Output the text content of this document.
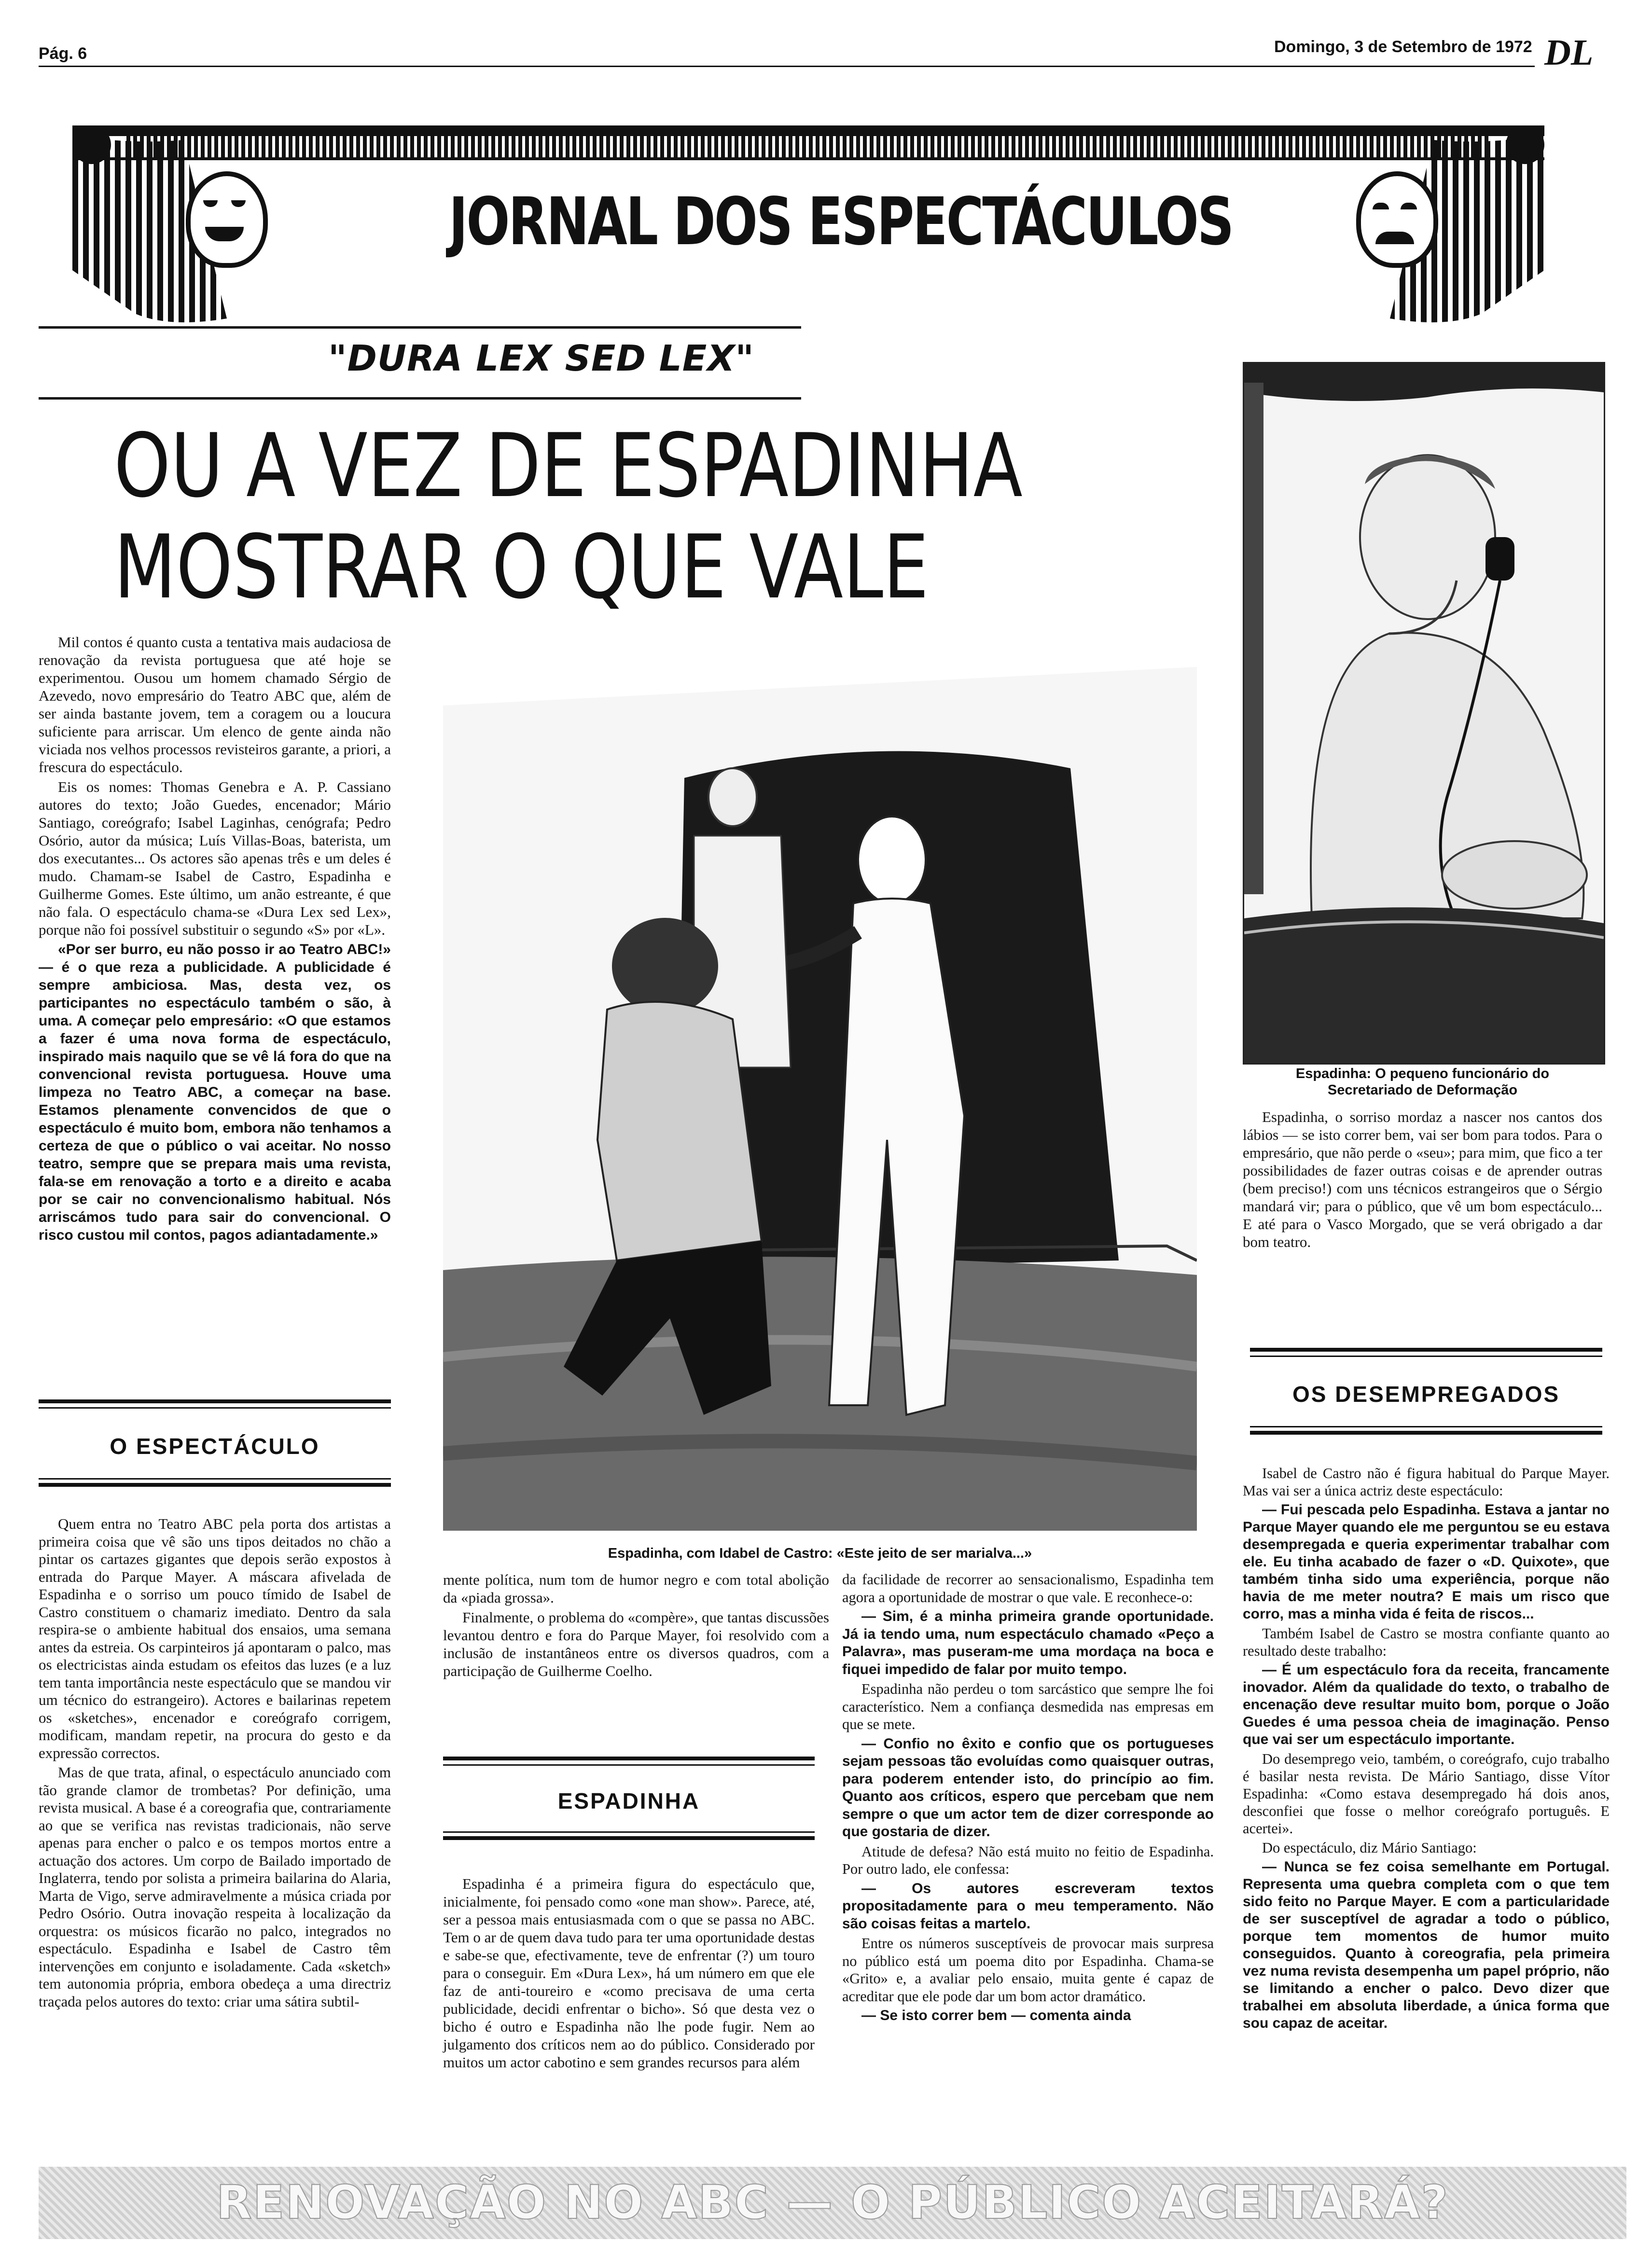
Pág. 6	Domingo, 3 de Setembro de 1972 DL
JORNAL DOS ESPECTÁCULOS
"DURA LEX SED LEX"
OU A VEZ DE ESPADINHA
MOSTRAR O QUE VALE
Espadinha: O pequeno funcionário do
Secretariado de Deformação
Espadinha, com Idabel de Castro: «Este jeito de ser marialva...»

Mil contos é quanto custa a tentativa mais audaciosa de renovação da revista portuguesa que até hoje se experimentou. Ousou um homem chamado Sérgio de Azevedo, novo empresário do Teatro ABC que, além de ser ainda bastante jovem, tem a coragem ou a loucura suficiente para arriscar. Um elenco de gente ainda não viciada nos velhos processos revisteiros garante, a priori, a frescura do espectáculo.

Eis os nomes: Thomas Genebra e A. P. Cassiano autores do texto; João Guedes, encenador; Mário Santiago, coreógrafo; Isabel Laginhas, cenógrafa; Pedro Osório, autor da música; Luís Villas-Boas, baterista, um dos executantes... Os actores são apenas três e um deles é mudo. Chamam-se Isabel de Castro, Espadinha e Guilherme Gomes. Este último, um anão estreante, é que não fala. O espectáculo chama-se «Dura Lex sed Lex», porque não foi possível substituir o segundo «S» por «L».

«Por ser burro, eu não posso ir ao Teatro ABC!» — é o que reza a publicidade. A publicidade é sempre ambiciosa. Mas, desta vez, os participantes no espectáculo também o são, à uma. A começar pelo empresário: «O que estamos a fazer é uma nova forma de espectáculo, inspirado mais naquilo que se vê lá fora do que na convencional revista portuguesa. Houve uma limpeza no Teatro ABC, a começar na base. Estamos plenamente convencidos de que o espectáculo é muito bom, embora não tenhamos a certeza de que o público o vai aceitar. No nosso teatro, sempre que se prepara mais uma revista, fala-se em renovação a torto e a direito e acaba por se cair no convencionalismo habitual. Nós arriscámos tudo para sair do convencional. O risco custou mil contos, pagos adiantadamente.»

O ESPECTÁCULO

Quem entra no Teatro ABC pela porta dos artistas a primeira coisa que vê são uns tipos deitados no chão a pintar os cartazes gigantes que depois serão expostos à entrada do Parque Mayer. A máscara afivelada de Espadinha e o sorriso um pouco tímido de Isabel de Castro constituem o chamariz imediato. Dentro da sala respira-se o ambiente habitual dos ensaios, uma semana antes da estreia. Os carpinteiros já apontaram o palco, mas os electricistas ainda estudam os efeitos das luzes (e a luz tem tanta importância neste espectáculo que se mandou vir um técnico do estrangeiro). Actores e bailarinas repetem os «sketches», encenador e coreógrafo corrigem, modificam, mandam repetir, na procura do gesto e da expressão correctos.

Mas de que trata, afinal, o espectáculo anunciado com tão grande clamor de trombetas? Por definição, uma revista musical. A base é a coreografia que, contrariamente ao que se verifica nas revistas tradicionais, não serve apenas para encher o palco e os tempos mortos entre a actuação dos actores. Um corpo de Bailado importado de Inglaterra, tendo por solista a primeira bailarina do Alaria, Marta de Vigo, serve admiravelmente a música criada por Pedro Osório. Outra inovação respeita à localização da orquestra: os músicos ficarão no palco, integrados no espectáculo. Espadinha e Isabel de Castro têm intervenções em conjunto e isoladamente. Cada «sketch» tem autonomia própria, embora obedeça a uma directriz traçada pelos autores do texto: criar uma sátira subtil-

mente política, num tom de humor negro e com total abolição da «piada grossa».

Finalmente, o problema do «compère», que tantas discussões levantou dentro e fora do Parque Mayer, foi resolvido com a inclusão de instantâneos entre os diversos quadros, com a participação de Guilherme Coelho.

ESPADINHA

Espadinha é a primeira figura do espectáculo que, inicialmente, foi pensado como «one man show». Parece, até, ser a pessoa mais entusiasmada com o que se passa no ABC. Tem o ar de quem dava tudo para ter uma oportunidade destas e sabe-se que, efectivamente, teve de enfrentar (?) um touro para o conseguir. Em «Dura Lex», há um número em que ele faz de anti-toureiro e «como precisava de uma certa publicidade, decidi enfrentar o bicho». Só que desta vez o bicho é outro e Espadinha não lhe pode fugir. Nem ao julgamento dos críticos nem ao do público. Considerado por muitos um actor cabotino e sem grandes recursos para além

da facilidade de recorrer ao sensacionalismo, Espadinha tem agora a oportunidade de mostrar o que vale. E reconhece-o:

— Sim, é a minha primeira grande oportunidade. Já ia tendo uma, num espectáculo chamado «Peço a Palavra», mas puseram-me uma mordaça na boca e fiquei impedido de falar por muito tempo.

Espadinha não perdeu o tom sarcástico que sempre lhe foi característico. Nem a confiança desmedida nas empresas em que se mete.

— Confio no êxito e confio que os portugueses sejam pessoas tão evoluídas como quaisquer outras, para poderem entender isto, do princípio ao fim. Quanto aos críticos, espero que percebam que nem sempre o que um actor tem de dizer corresponde ao que gostaria de dizer.

Atitude de defesa? Não está muito no feitio de Espadinha. Por outro lado, ele confessa:

— Os autores escreveram textos propositadamente para o meu temperamento. Não são coisas feitas a martelo.

Entre os números susceptíveis de provocar mais surpresa no público está um poema dito por Espadinha. Chama-se «Grito» e, a avaliar pelo ensaio, muita gente é capaz de acreditar que ele pode dar um bom actor dramático.

— Se isto correr bem — comenta ainda

Espadinha, o sorriso mordaz a nascer nos cantos dos lábios — se isto correr bem, vai ser bom para todos. Para o empresário, que não perde o «seu»; para mim, que fico a ter possibilidades de fazer outras coisas e de aprender outras (bem preciso!) com uns técnicos estrangeiros que o Sérgio mandará vir; para o público, que vê um bom espectáculo... E até para o Vasco Morgado, que se verá obrigado a dar bom teatro.

OS DESEMPREGADOS

Isabel de Castro não é figura habitual do Parque Mayer. Mas vai ser a única actriz deste espectáculo:

— Fui pescada pelo Espadinha. Estava a jantar no Parque Mayer quando ele me perguntou se eu estava desempregada e queria experimentar trabalhar com ele. Eu tinha acabado de fazer o «D. Quixote», que também tinha sido uma experiência, porque não havia de me meter noutra? E mais um risco que corro, mas a minha vida é feita de riscos...

Também Isabel de Castro se mostra confiante quanto ao resultado deste trabalho:

— É um espectáculo fora da receita, francamente inovador. Além da qualidade do texto, o trabalho de encenação deve resultar muito bom, porque o João Guedes é uma pessoa cheia de imaginação. Penso que vai ser um espectáculo importante.

Do desemprego veio, também, o coreógrafo, cujo trabalho é basilar nesta revista. De Mário Santiago, disse Vítor Espadinha: «Como estava desempregado há dois anos, desconfiei que fosse o melhor coreógrafo português. E acertei».

Do espectáculo, diz Mário Santiago:

— Nunca se fez coisa semelhante em Portugal. Representa uma quebra completa com o que tem sido feito no Parque Mayer. E com a particularidade de ser susceptível de agradar a todo o público, porque tem momentos de humor muito conseguidos. Quanto à coreografia, pela primeira vez numa revista desempenha um papel próprio, não se limitando a encher o palco. Devo dizer que trabalhei em absoluta liberdade, a única forma que sou capaz de aceitar.

RENOVAÇÃO NO ABC — O PÚBLICO ACEITARÁ?
